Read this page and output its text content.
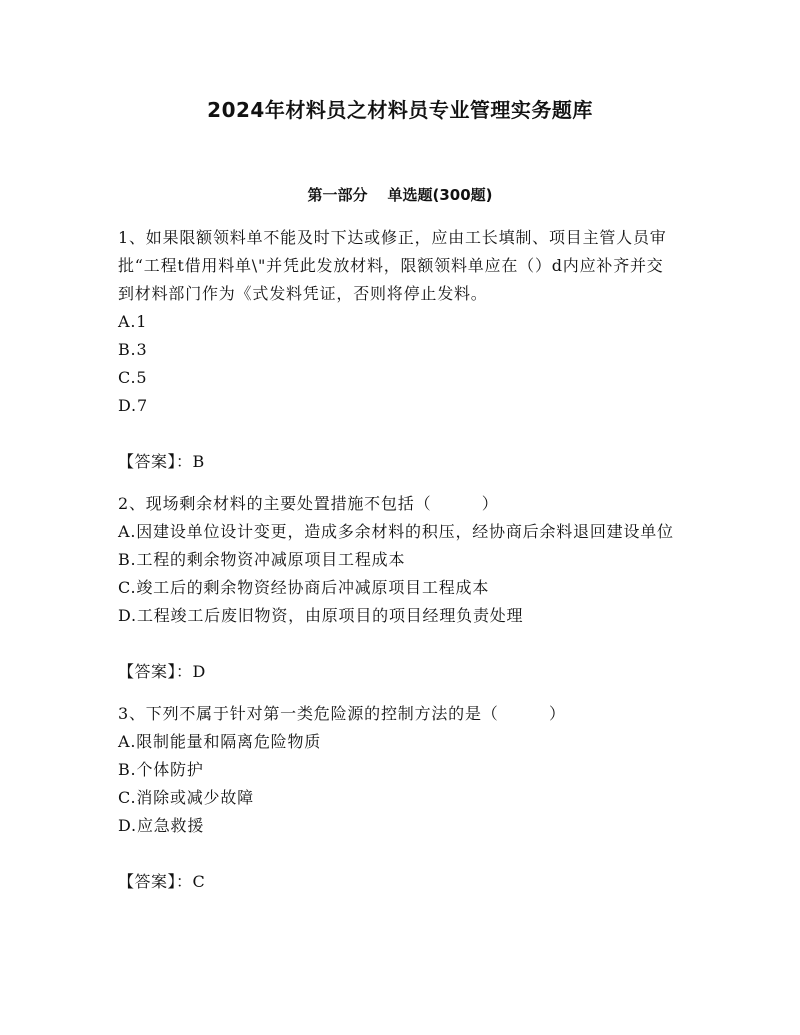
2024年材料员之材料员专业管理实务题库
第一部分 单选题(300题)

1、如果限额领料单不能及时下达或修正，应由工长填制、项目主管人员审批“工程t借用料单\"并凭此发放材料，限额领料单应在（）d内应补齐并交到材料部门作为《式发料凭证，否则将停止发料。

A.1
B.3
C.5
D.7

【答案】：B

2、现场剩余材料的主要处置措施不包括（　　　）

A.因建设单位设计变更，造成多余材料的积压，经协商后余料退回建设单位
B.工程的剩余物资冲减原项目工程成本
C.竣工后的剩余物资经协商后冲减原项目工程成本
D.工程竣工后废旧物资，由原项目的项目经理负责处理

【答案】：D

3、下列不属于针对第一类危险源的控制方法的是（　　　）

A.限制能量和隔离危险物质
B.个体防护
C.消除或减少故障
D.应急救援

【答案】：C
